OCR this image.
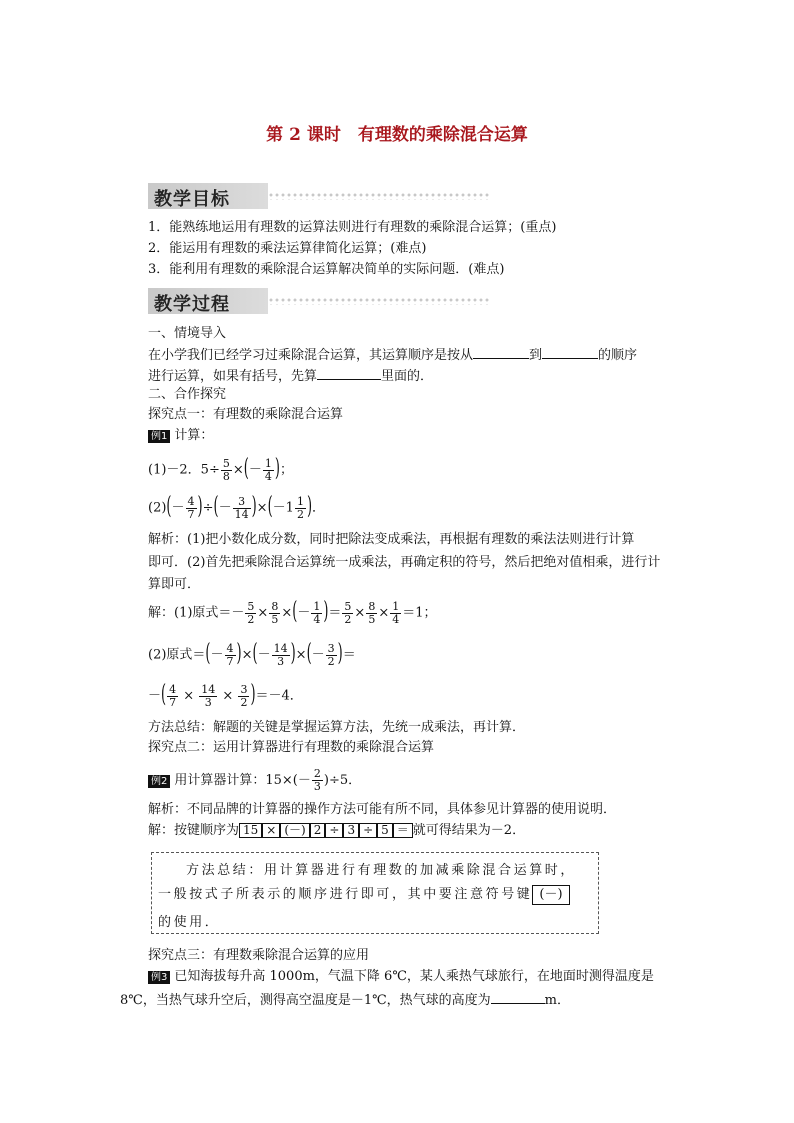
第 2 课时　有理数的乘除混合运算
教学目标
1．能熟练地运用有理数的运算法则进行有理数的乘除混合运算；(重点)
2．能运用有理数的乘法运算律简化运算；(难点)
3．能利用有理数的乘除混合运算解决简单的实际问题．(难点)
教学过程
一、情境导入
在小学我们已经学习过乘除混合运算，其运算顺序是按从	到	的顺序
进行运算，如果有括号，先算	里面的．
二、合作探究
探究点一：有理数的乘除混合运算
例1 计算：
(1)－2．$5\div \frac{5}{8}$ ×(－ $\frac{1}{4}$ )；
$(2)(- \frac{4}{7}$ )÷(－ $\frac{3}{14} )\times(-1 \frac{1}{2}$ )．
解析：(1)把小数化成分数，同时把除法变成乘法，再根据有理数的乘法法则进行计算
即可．(2)首先把乘除混合运算统一成乘法，再确定积的符号，然后把绝对值相乘，进行计
算即可．
解：(1)原式＝－ $\frac{5}{2} \times \frac{8}{5}$ ×(－ $\frac{1}{4}$ )＝ $\frac{5}{2} \times \frac{8}{5} \times \frac{1}{4} =1$；
(2)原式＝(－ $\frac{4}{7}$ )×(－ $\frac{14}{3}$ )×(－ $\frac{3}{2}$ )＝
－( $\frac{4}{7} \times \frac{14}{3} \times \frac{3}{2} )=-4$．
方法总结：解题的关键是掌握运算方法，先统一成乘法，再计算．
探究点二：运用计算器进行有理数的乘除混合运算
例2 用计算器计算：$15\times(- \frac{2}{3} )\div 5$．
解析：不同品牌的计算器的操作方法可能有所不同，具体参见计算器的使用说明．
解：按键顺序为 15 × (－) 2 ÷ 3 ÷ 5 ＝ 就可得结果为－2．
方法总结：用计算器进行有理数的加减乘除混合运算时，
一般按式子所表示的顺序进行即可，其中要注意符号键 (－)
的使用．
探究点三：有理数乘除混合运算的应用
例3 已知海拔每升高 1000m，气温下降 6℃，某人乘热气球旅行，在地面时测得温度是
8℃，当热气球升空后，测得高空温度是－1℃，热气球的高度为	m．
